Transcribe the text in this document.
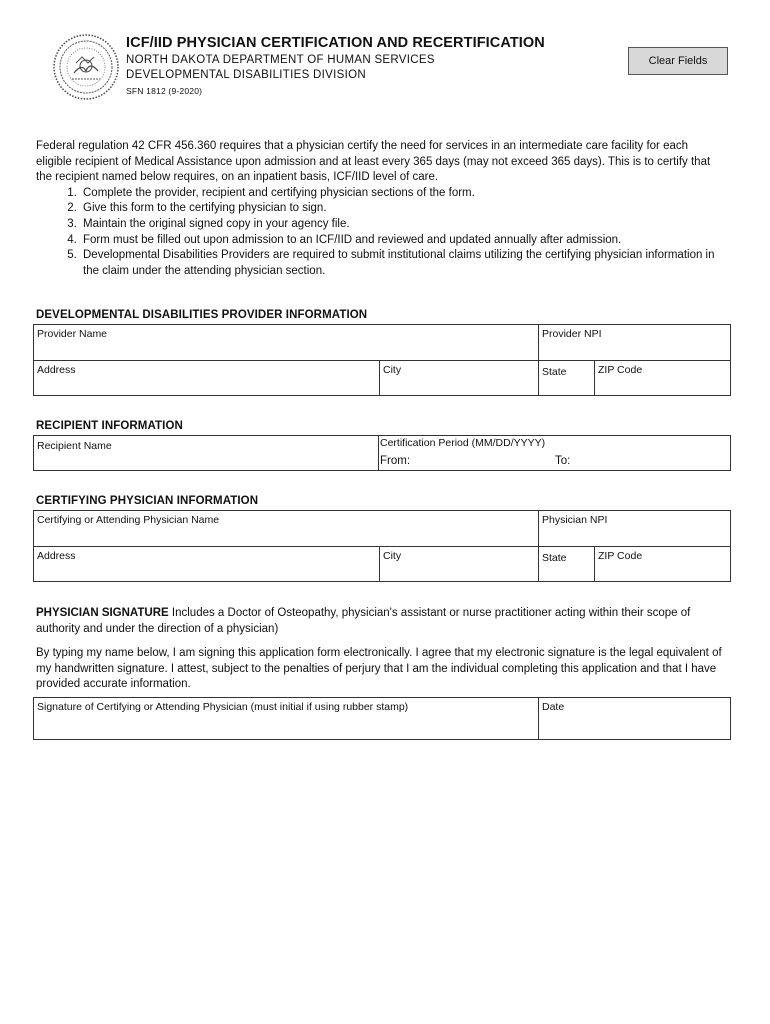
ICF/IID PHYSICIAN CERTIFICATION AND RECERTIFICATION
NORTH DAKOTA DEPARTMENT OF HUMAN SERVICES
DEVELOPMENTAL DISABILITIES DIVISION
SFN 1812 (9-2020)
Clear Fields

Federal regulation 42 CFR 456.360 requires that a physician certify the need for services in an intermediate care facility for each eligible recipient of Medical Assistance upon admission and at least every 365 days (may not exceed 365 days). This is to certify that the recipient named below requires, on an inpatient basis, ICF/IID level of care.

1. Complete the provider, recipient and certifying physician sections of the form.
2. Give this form to the certifying physician to sign.
3. Maintain the original signed copy in your agency file.
4. Form must be filled out upon admission to an ICF/IID and reviewed and updated annually after admission.
5. Developmental Disabilities Providers are required to submit institutional claims utilizing the certifying physician information in the claim under the attending physician section.
DEVELOPMENTAL DISABILITIES PROVIDER INFORMATION
Provider Name	Provider NPI
Address	City	State	ZIP Code
RECIPIENT INFORMATION
Recipient Name	Certification Period (MM/DD/YYYY)
From:	To:
CERTIFYING PHYSICIAN INFORMATION
Certifying or Attending Physician Name	Physician NPI
Address	City	State	ZIP Code
PHYSICIAN SIGNATURE Includes a Doctor of Osteopathy, physician's assistant or nurse practitioner acting within their scope of authority and under the direction of a physician)
By typing my name below, I am signing this application form electronically. I agree that my electronic signature is the legal equivalent of my handwritten signature. I attest, subject to the penalties of perjury that I am the individual completing this application and that I have provided accurate information.
Signature of Certifying or Attending Physician (must initial if using rubber stamp)	Date
